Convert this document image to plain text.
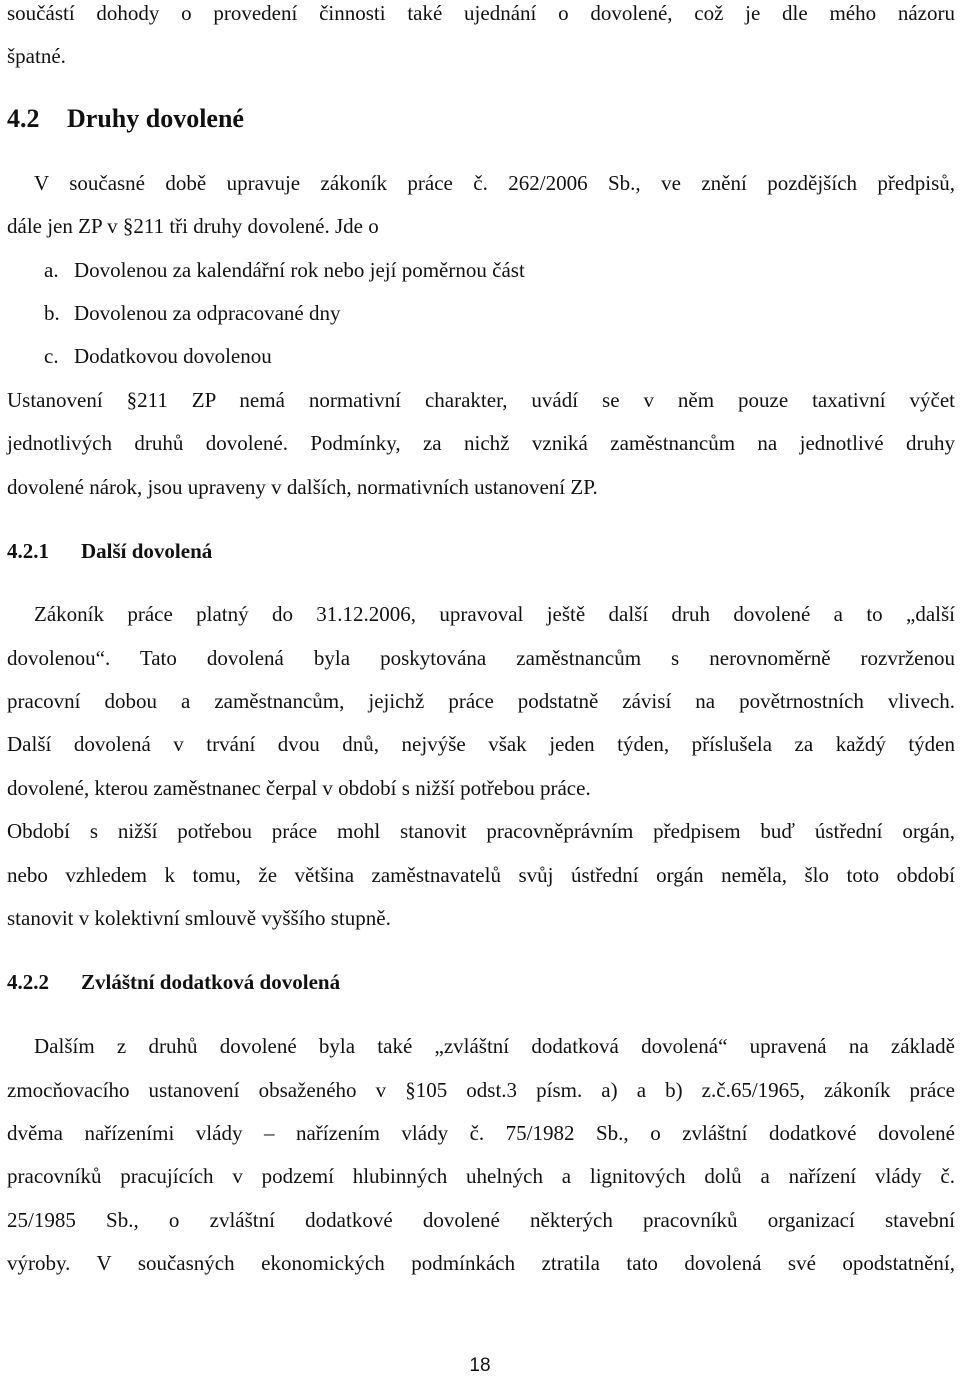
součástí dohody o provedení činnosti také ujednání o dovolené, což je dle mého názoru
špatné.
4.2 Druhy dovolené
V současné době upravuje zákoník práce č. 262/2006 Sb., ve znění pozdějších předpisů,
dále jen ZP v §211 tři druhy dovolené. Jde o
a. Dovolenou za kalendářní rok nebo její poměrnou část
b. Dovolenou za odpracované dny
c. Dodatkovou dovolenou
Ustanovení §211 ZP nemá normativní charakter, uvádí se v něm pouze taxativní výčet
jednotlivých druhů dovolené. Podmínky, za nichž vzniká zaměstnancům na jednotlivé druhy
dovolené nárok, jsou upraveny v dalších, normativních ustanovení ZP.
4.2.1 Další dovolená
Zákoník práce platný do 31.12.2006, upravoval ještě další druh dovolené a to „další
dovolenou“. Tato dovolená byla poskytována zaměstnancům s nerovnoměrně rozvrženou
pracovní dobou a zaměstnancům, jejichž práce podstatně závisí na povětrnostních vlivech.
Další dovolená v trvání dvou dnů, nejvýše však jeden týden, příslušela za každý týden
dovolené, kterou zaměstnanec čerpal v období s nižší potřebou práce.
Období s nižší potřebou práce mohl stanovit pracovněprávním předpisem buď ústřední orgán,
nebo vzhledem k tomu, že většina zaměstnavatelů svůj ústřední orgán neměla, šlo toto období
stanovit v kolektivní smlouvě vyššího stupně.
4.2.2 Zvláštní dodatková dovolená
Dalším z druhů dovolené byla také „zvláštní dodatková dovolená“ upravená na základě
zmocňovacího ustanovení obsaženého v §105 odst.3 písm. a) a b) z.č.65/1965, zákoník práce
dvěma nařízeními vlády – nařízením vlády č. 75/1982 Sb., o zvláštní dodatkové dovolené
pracovníků pracujících v podzemí hlubinných uhelných a lignitových dolů a nařízení vlády č.
25/1985 Sb., o zvláštní dodatkové dovolené některých pracovníků organizací stavební
výroby. V současných ekonomických podmínkách ztratila tato dovolená své opodstatnění,
18
